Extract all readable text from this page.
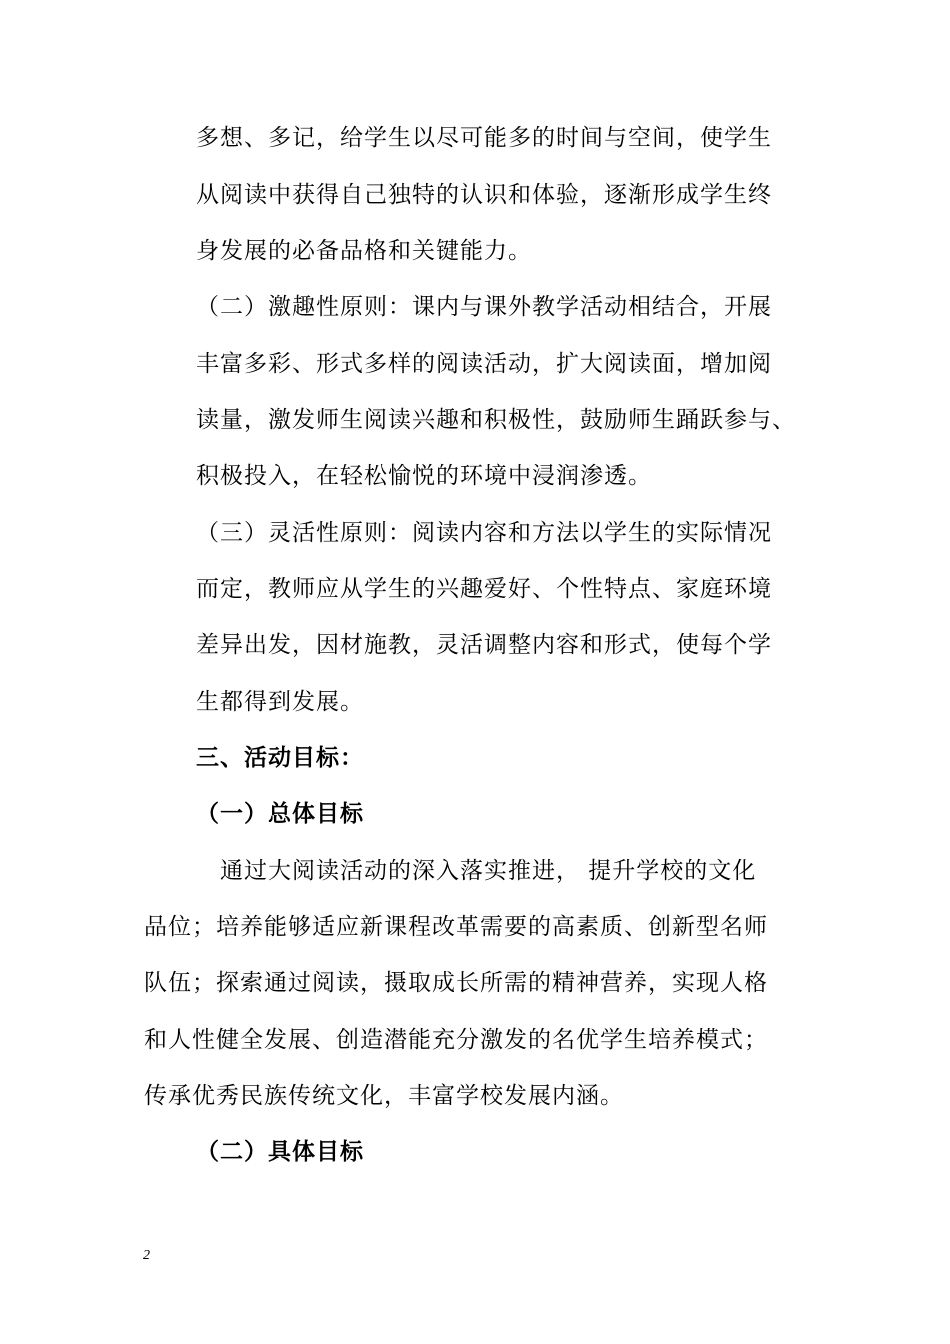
多想、多记，给学生以尽可能多的时间与空间，使学生
从阅读中获得自己独特的认识和体验，逐渐形成学生终
身发展的必备品格和关键能力。
（二）激趣性原则：课内与课外教学活动相结合，开展
丰富多彩、形式多样的阅读活动，扩大阅读面，增加阅
读量，激发师生阅读兴趣和积极性，鼓励师生踊跃参与、
积极投入，在轻松愉悦的环境中浸润渗透。
（三）灵活性原则：阅读内容和方法以学生的实际情况
而定，教师应从学生的兴趣爱好、个性特点、家庭环境
差异出发，因材施教，灵活调整内容和形式，使每个学
生都得到发展。
三、活动目标：
（一）总体目标
通过大阅读活动的深入落实推进， 提升学校的文化
品位；培养能够适应新课程改革需要的高素质、创新型名师
队伍；探索通过阅读，摄取成长所需的精神营养，实现人格
和人性健全发展、创造潜能充分激发的名优学生培养模式；
传承优秀民族传统文化，丰富学校发展内涵。
（二）具体目标
2
